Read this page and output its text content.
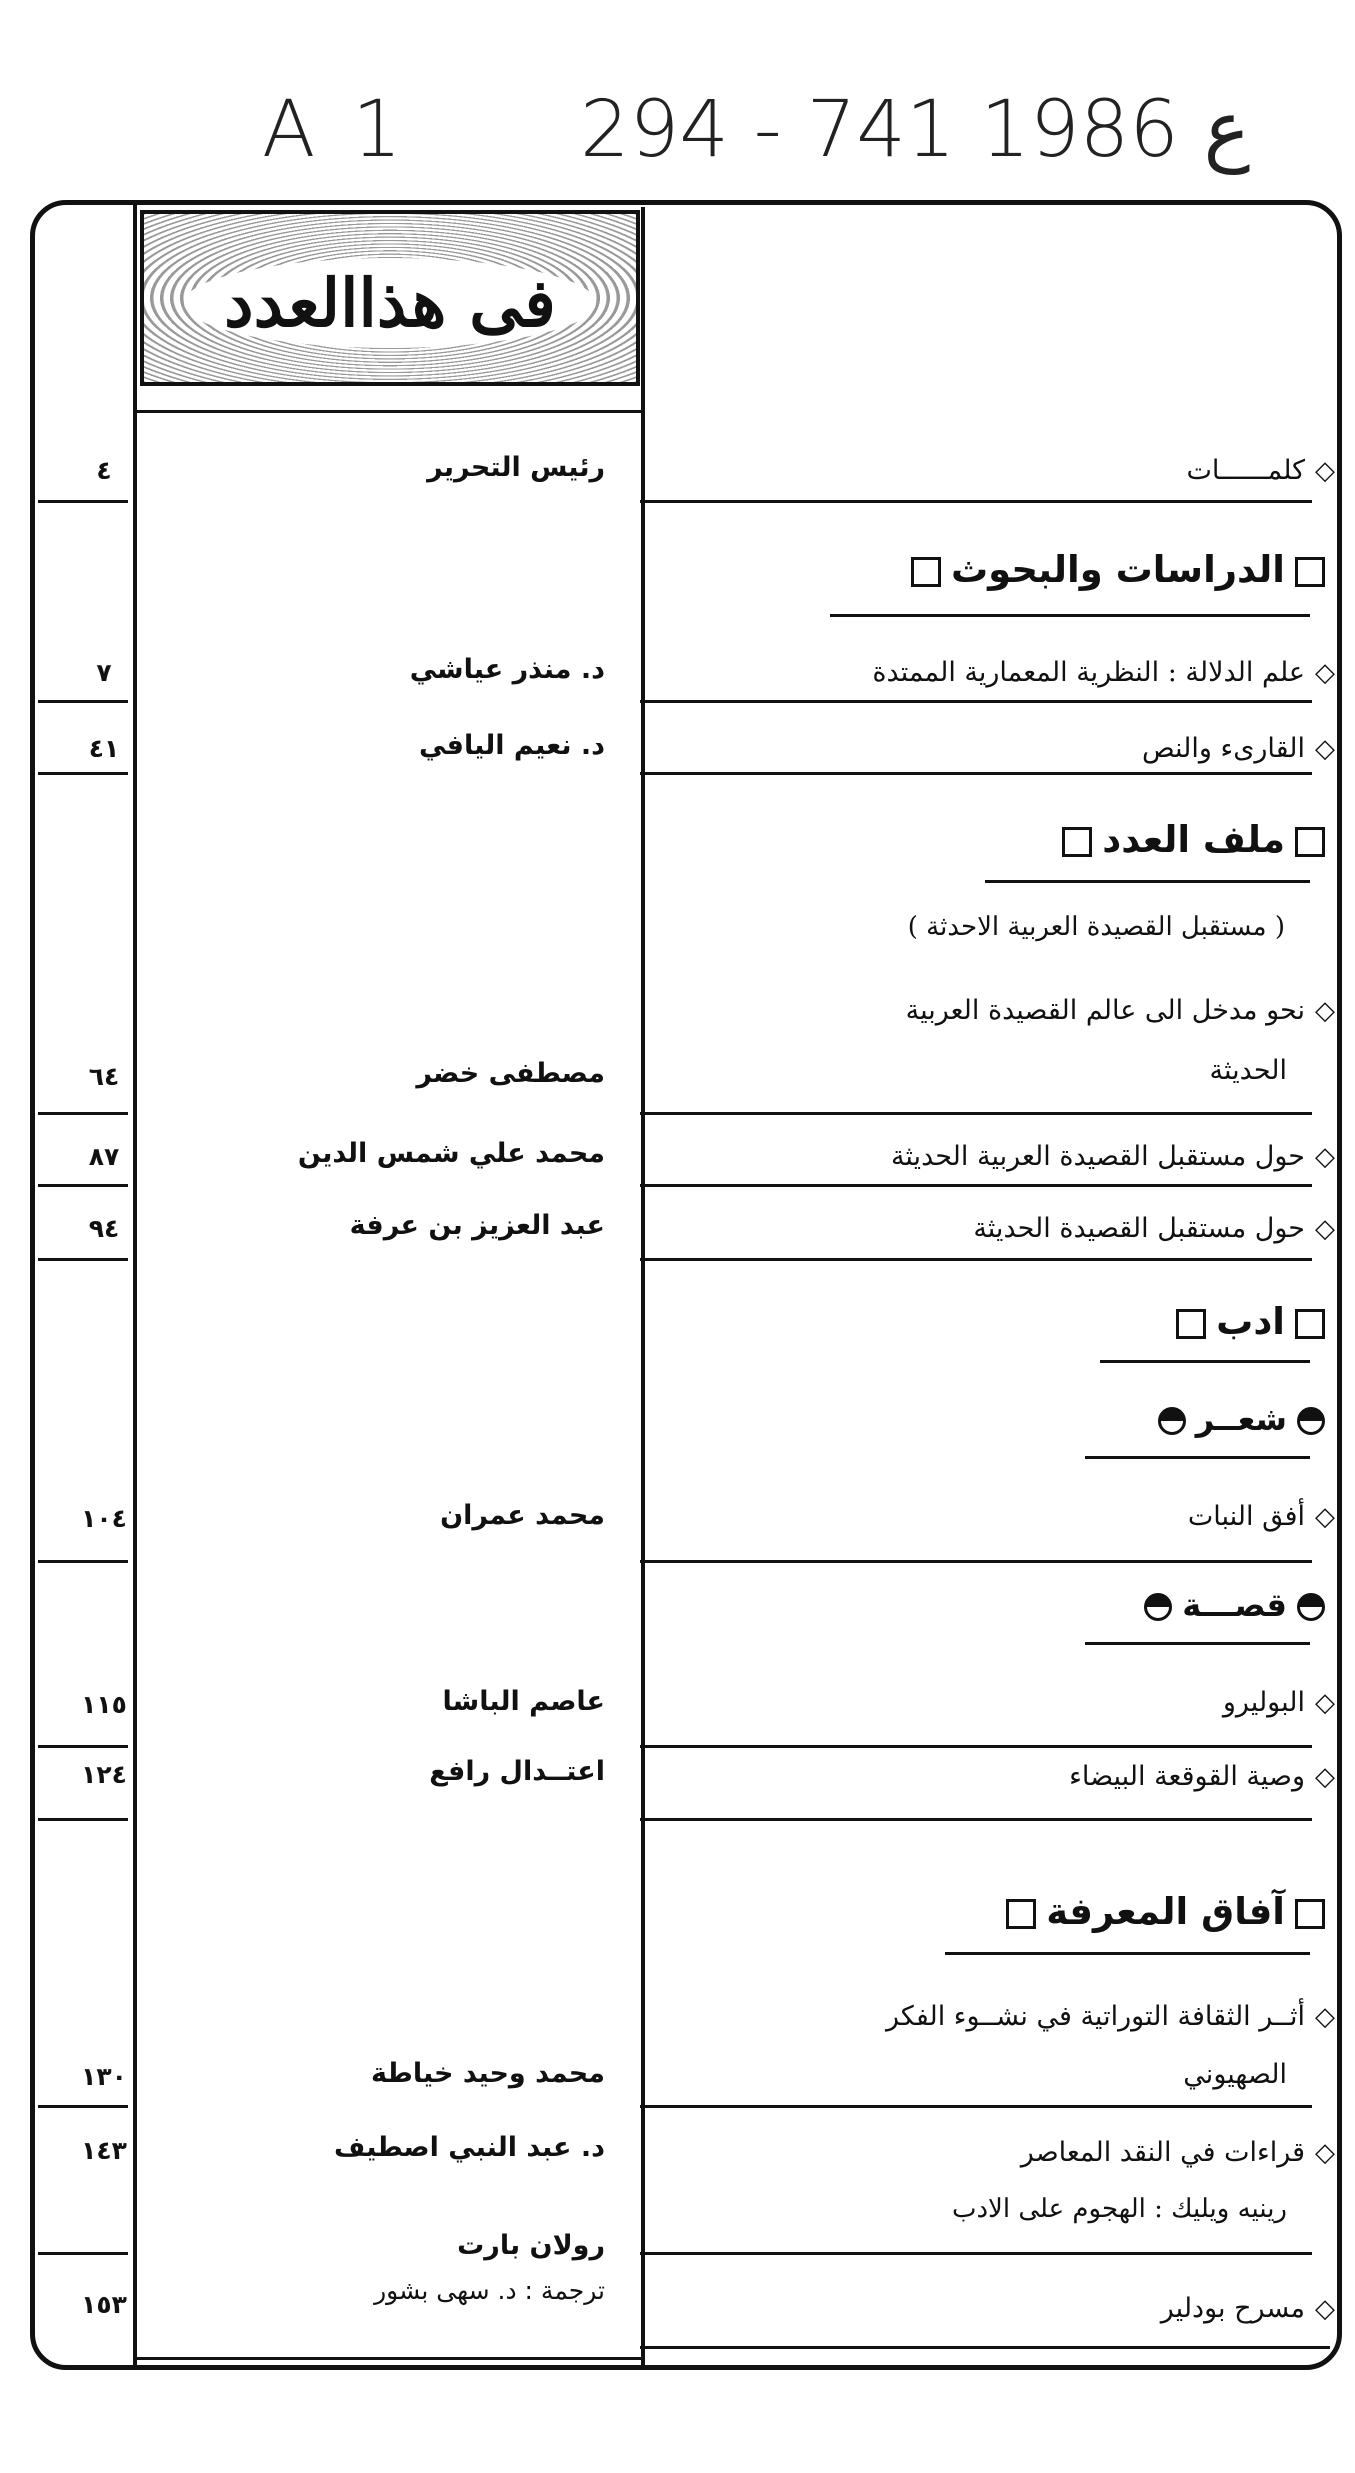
A 1 294 - ع 1986 741
فى هذاالعدد
◇كلمــــــات
رئيس التحرير
٤
الدراسات والبحوث
◇علم الدلالة : النظرية المعمارية الممتدة
د. منذر عياشي
٧
◇القارىء والنص
د. نعيم اليافي
٤١
ملف العدد
( مستقبل القصيدة العربية الاحدثة )
◇نحو مدخل الى عالم القصيدة العربية
الحديثة
مصطفى خضر
٦٤
◇حول مستقبل القصيدة العربية الحديثة
محمد علي شمس الدين
٨٧
◇حول مستقبل القصيدة الحديثة
عبد العزيز بن عرفة
٩٤
ادب
شعــر
◇أفق النبات
محمد عمران
١٠٤
قصـــة
◇البوليرو
عاصم الباشا
١١٥
◇وصية القوقعة البيضاء
اعتــدال رافع
١٢٤
آفاق المعرفة
◇أثــر الثقافة التوراتية في نشــوء الفكر
الصهيوني
محمد وحيد خياطة
١٣٠
◇قراءات في النقد المعاصر
رينيه ويليك : الهجوم على الادب
د. عبد النبي اصطيف
١٤٣
◇مسرح بودلير
رولان بارت
ترجمة : د. سهى بشور
١٥٣
